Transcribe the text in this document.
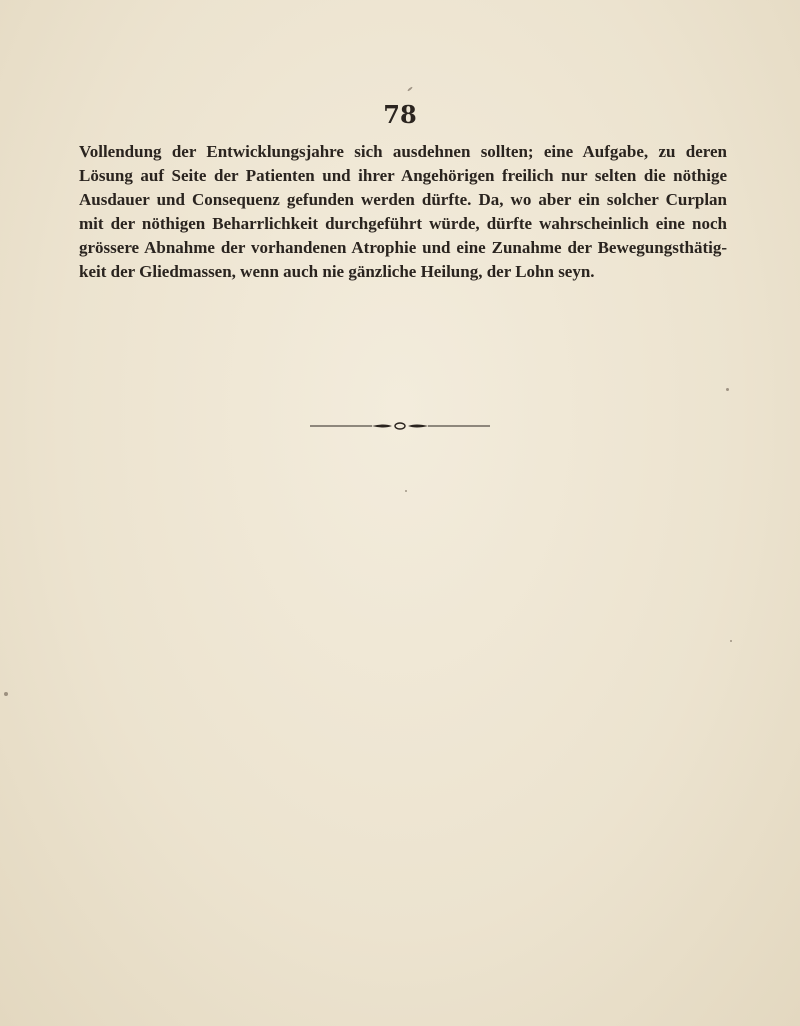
78

Vollendung der Entwicklungsjahre sich ausdehnen sollten; eine Aufgabe, zu deren
Lösung auf Seite der Patienten und ihrer Angehörigen freilich nur selten die nöthige
Ausdauer und Consequenz gefunden werden dürfte. Da, wo aber ein solcher Curplan
mit der nöthigen Beharrlichkeit durchgeführt würde, dürfte wahrscheinlich eine noch
grössere Abnahme der vorhandenen Atrophie und eine Zunahme der Bewegungsthätig-
keit der Gliedmassen, wenn auch nie gänzliche Heilung, der Lohn seyn.
